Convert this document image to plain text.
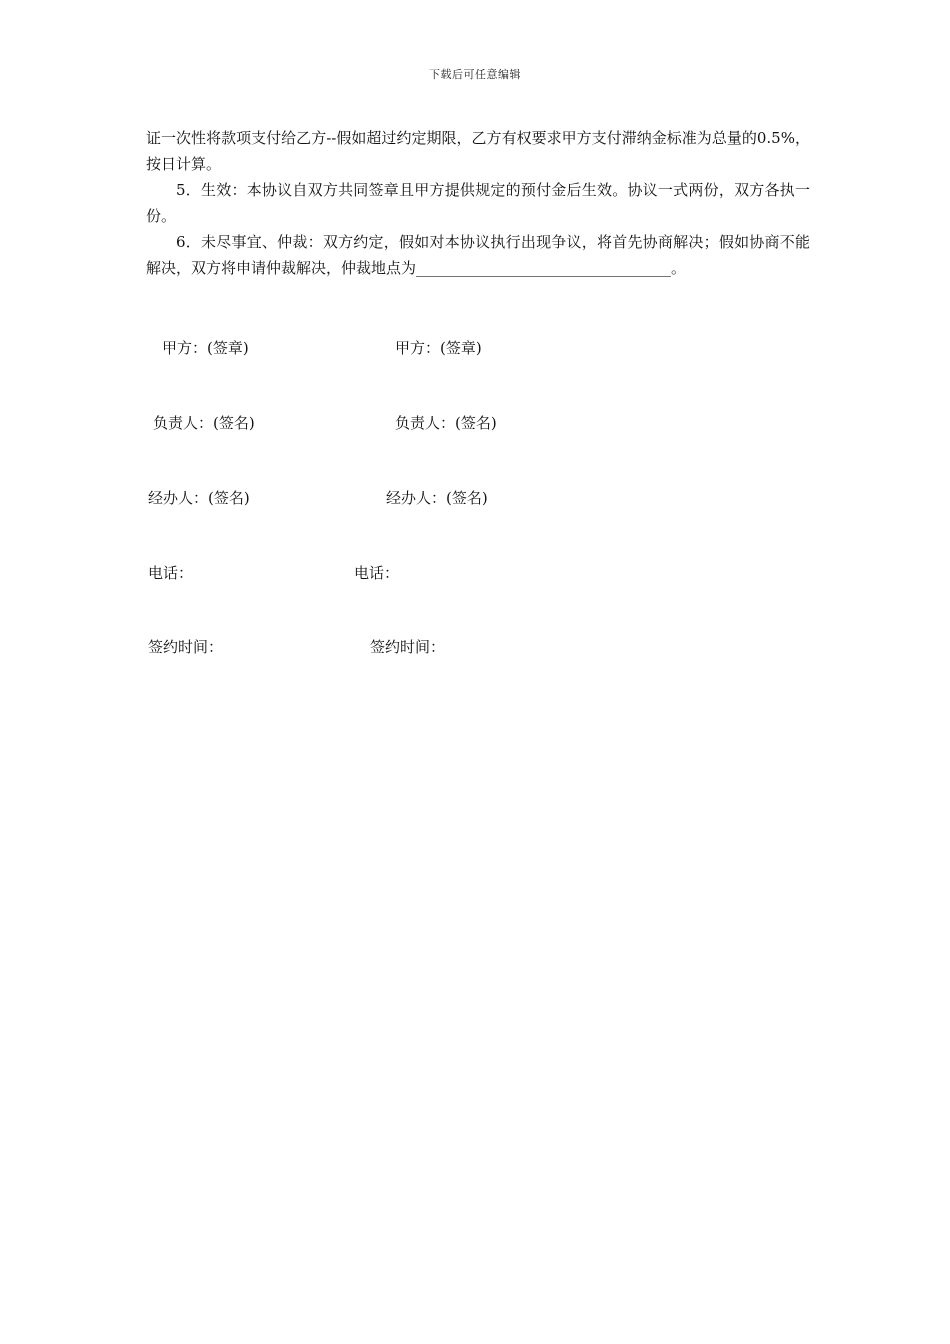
下载后可任意编辑

证一次性将款项支付给乙方--假如超过约定期限，乙方有权要求甲方支付滞纳金标准为总量的0.5%，按日计算。

5．生效：本协议自双方共同签章且甲方提供规定的预付金后生效。协议一式两份，双方各执一份。

6．未尽事宜、仲裁：双方约定，假如对本协议执行出现争议，将首先协商解决；假如协商不能解决，双方将申请仲裁解决，仲裁地点为__________________________________。

甲方：(签章)
负责人：(签名)
经办人：(签名)
电话：
签约时间：
甲方：(签章)
负责人：(签名)
经办人：(签名)
电话：
签约时间：
